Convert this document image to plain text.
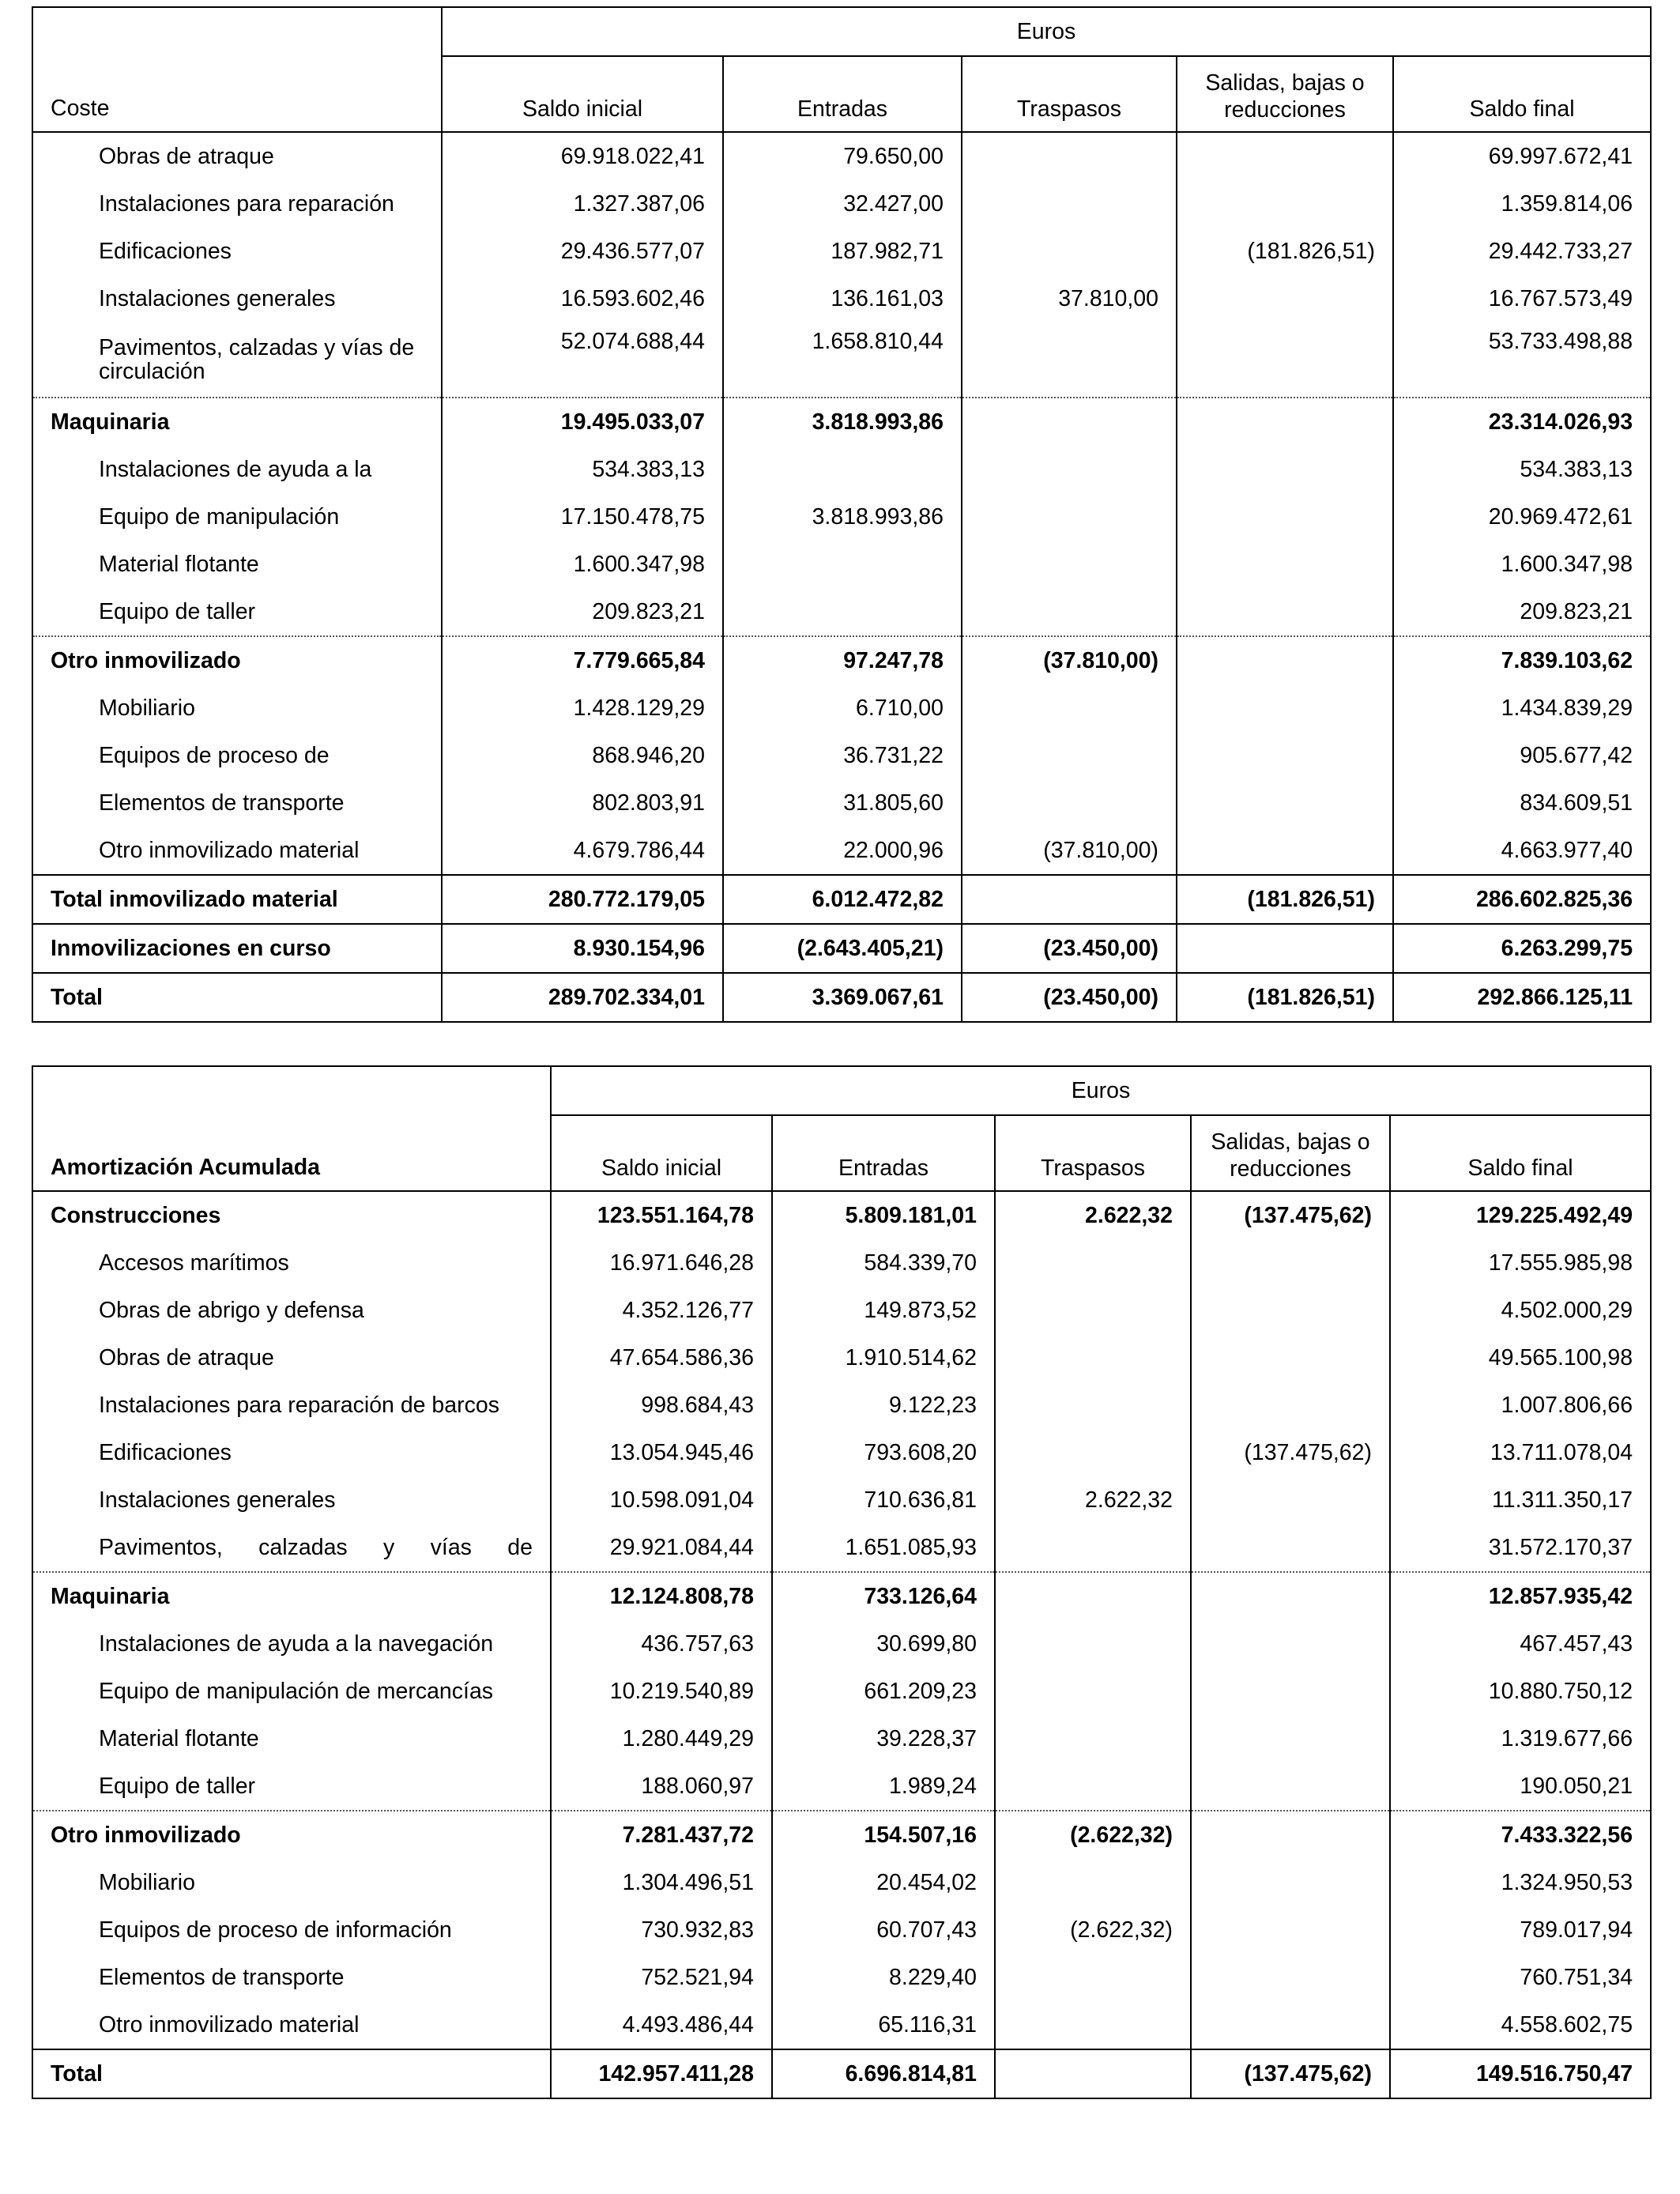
Coste	Euros				
	Saldo inicial	Entradas	Traspasos	Salidas, bajas o reducciones	Saldo final
Obras de atraque	69.918.022,41	79.650,00			69.997.672,41
Instalaciones para reparación	1.327.387,06	32.427,00			1.359.814,06
Edificaciones	29.436.577,07	187.982,71		(181.826,51)	29.442.733,27
Instalaciones generales	16.593.602,46	136.161,03	37.810,00		16.767.573,49
Pavimentos, calzadas y vías de circulación	52.074.688,44	1.658.810,44			53.733.498,88
Maquinaria	19.495.033,07	3.818.993,86			23.314.026,93
Instalaciones de ayuda a la	534.383,13				534.383,13
Equipo de manipulación	17.150.478,75	3.818.993,86			20.969.472,61
Material flotante	1.600.347,98				1.600.347,98
Equipo de taller	209.823,21				209.823,21
Otro inmovilizado	7.779.665,84	97.247,78	(37.810,00)		7.839.103,62
Mobiliario	1.428.129,29	6.710,00			1.434.839,29
Equipos de proceso de	868.946,20	36.731,22			905.677,42
Elementos de transporte	802.803,91	31.805,60			834.609,51
Otro inmovilizado material	4.679.786,44	22.000,96	(37.810,00)		4.663.977,40
Total inmovilizado material	280.772.179,05	6.012.472,82		(181.826,51)	286.602.825,36
Inmovilizaciones en curso	8.930.154,96	(2.643.405,21)	(23.450,00)		6.263.299,75
Total	289.702.334,01	3.369.067,61	(23.450,00)	(181.826,51)	292.866.125,11
Amortización Acumulada	Euros				
	Saldo inicial	Entradas	Traspasos	Salidas, bajas o reducciones	Saldo final
Construcciones	123.551.164,78	5.809.181,01	2.622,32	(137.475,62)	129.225.492,49
Accesos marítimos	16.971.646,28	584.339,70			17.555.985,98
Obras de abrigo y defensa	4.352.126,77	149.873,52			4.502.000,29
Obras de atraque	47.654.586,36	1.910.514,62			49.565.100,98
Instalaciones para reparación de barcos	998.684,43	9.122,23			1.007.806,66
Edificaciones	13.054.945,46	793.608,20		(137.475,62)	13.711.078,04
Instalaciones generales	10.598.091,04	710.636,81	2.622,32		11.311.350,17
Pavimentos, calzadas y vías de	29.921.084,44	1.651.085,93			31.572.170,37
Maquinaria	12.124.808,78	733.126,64			12.857.935,42
Instalaciones de ayuda a la navegación	436.757,63	30.699,80			467.457,43
Equipo de manipulación de mercancías	10.219.540,89	661.209,23			10.880.750,12
Material flotante	1.280.449,29	39.228,37			1.319.677,66
Equipo de taller	188.060,97	1.989,24			190.050,21
Otro inmovilizado	7.281.437,72	154.507,16	(2.622,32)		7.433.322,56
Mobiliario	1.304.496,51	20.454,02			1.324.950,53
Equipos de proceso de información	730.932,83	60.707,43	(2.622,32)		789.017,94
Elementos de transporte	752.521,94	8.229,40			760.751,34
Otro inmovilizado material	4.493.486,44	65.116,31			4.558.602,75
Total	142.957.411,28	6.696.814,81		(137.475,62)	149.516.750,47
